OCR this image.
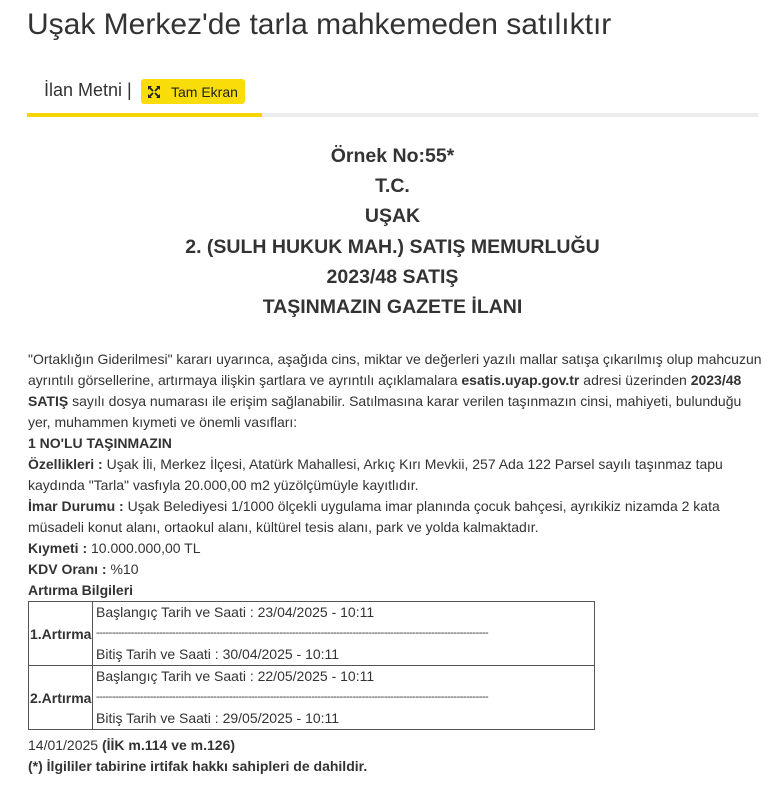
Uşak Merkez'de tarla mahkemeden satılıktır
İlan Metni |	Tam Ekran
Örnek No:55*
T.C.
UŞAK
2. (SULH HUKUK MAH.) SATIŞ MEMURLUĞU
2023/48 SATIŞ
TAŞINMAZIN GAZETE İLANI

"Ortaklığın Giderilmesi" kararı uyarınca, aşağıda cins, miktar ve değerleri yazılı mallar satışa çıkarılmış olup mahcuzun ayrıntılı görsellerine, artırmaya ilişkin şartlara ve ayrıntılı açıklamalara esatis.uyap.gov.tr adresi üzerinden 2023/48 SATIŞ sayılı dosya numarası ile erişim sağlanabilir. Satılmasına karar verilen taşınmazın cinsi, mahiyeti, bulunduğu yer, muhammen kıymeti ve önemli vasıfları:

1 NO'LU TAŞINMAZIN

Özellikleri : Uşak İli, Merkez İlçesi, Atatürk Mahallesi, Arkıç Kırı Mevkii, 257 Ada 122 Parsel sayılı taşınmaz tapu kaydında "Tarla" vasfıyla 20.000,00 m2 yüzölçümüyle kayıtlıdır.

İmar Durumu : Uşak Belediyesi 1/1000 ölçekli uygulama imar planında çocuk bahçesi, ayrıkikiz nizamda 2 kata müsadeli konut alanı, ortaokul alanı, kültürel tesis alanı, park ve yolda kalmaktadır.

Kıymeti : 10.000.000,00 TL

KDV Oranı : %10

Artırma Bilgileri

1.Artırma	Başlangıç Tarih ve Saati : 23/04/2025 - 10:11
----------------------------------------------------------------------------------------------------------------------------
Bitiş Tarih ve Saati : 30/04/2025 - 10:11

2.Artırma	Başlangıç Tarih ve Saati : 22/05/2025 - 10:11
----------------------------------------------------------------------------------------------------------------------------
Bitiş Tarih ve Saati : 29/05/2025 - 10:11

14/01/2025 (İİK m.114 ve m.126)

(*) İlgililer tabirine irtifak hakkı sahipleri de dahildir.
